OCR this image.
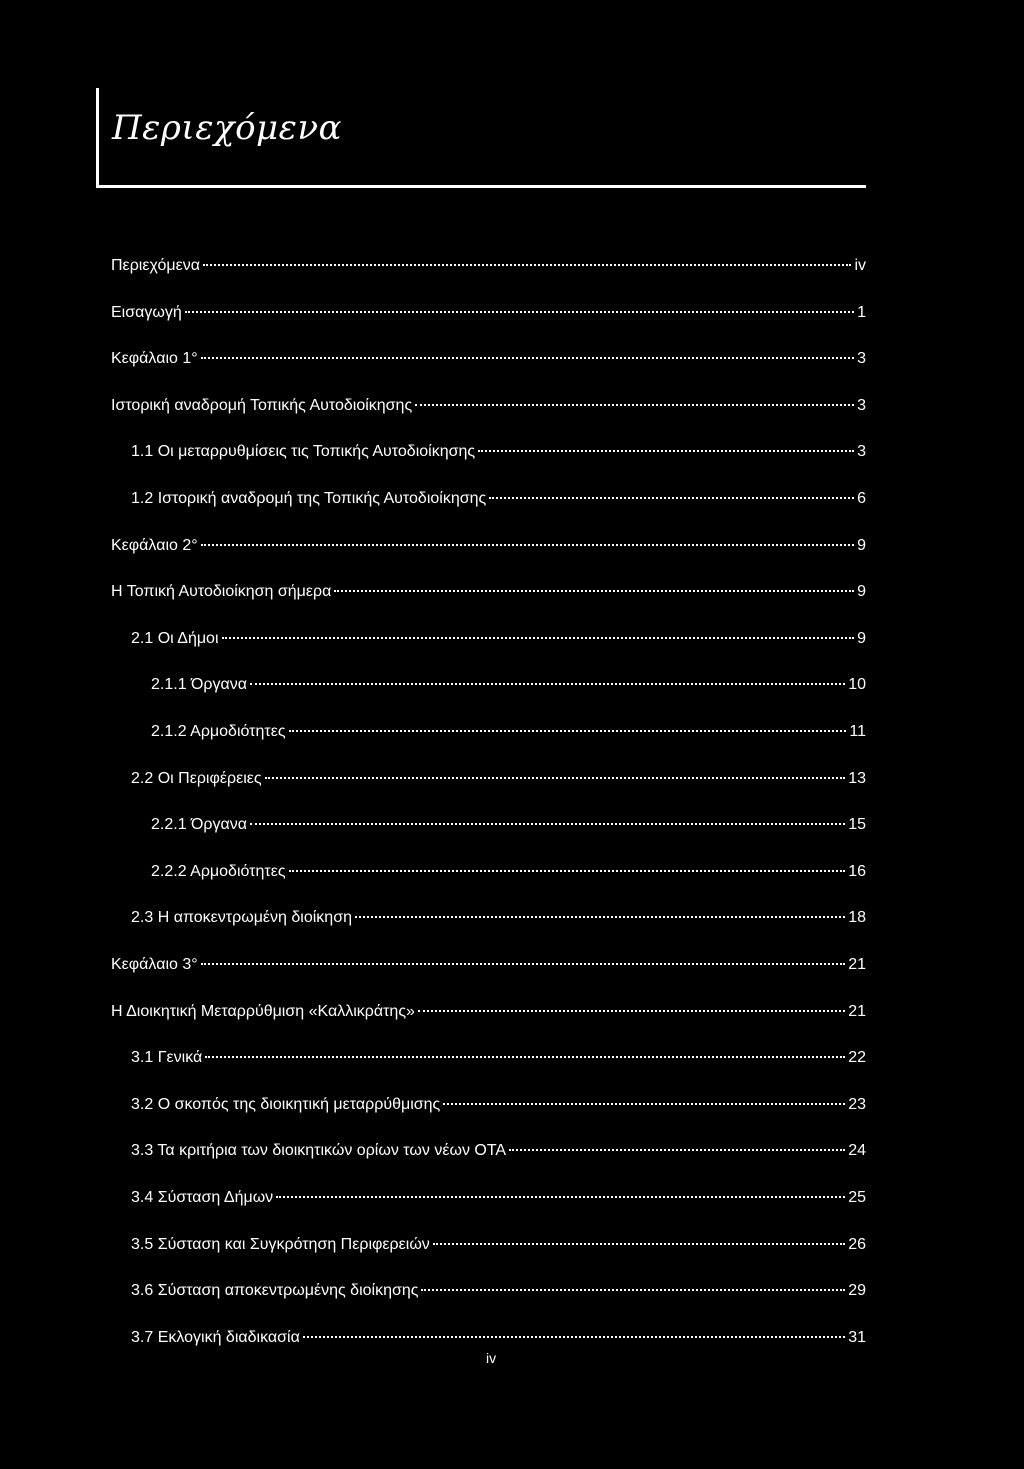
Περιεχόμενα
Περιεχόμενα	iv
Εισαγωγή	1
Κεφάλαιο 1°	3
Ιστορική αναδρομή Τοπικής Αυτοδιοίκησης	3
1.1 Οι μεταρρυθμίσεις τις Τοπικής Αυτοδιοίκησης	3
1.2 Ιστορική αναδρομή της Τοπικής Αυτοδιοίκησης	6
Κεφάλαιο 2°	9
Η Τοπική Αυτοδιοίκηση σήμερα	9
2.1 Οι Δήμοι	9
2.1.1 Όργανα	10
2.1.2 Αρμοδιότητες	11
2.2 Οι Περιφέρειες	13
2.2.1 Όργανα	15
2.2.2 Αρμοδιότητες	16
2.3 Η αποκεντρωμένη διοίκηση	18
Κεφάλαιο 3°	21
Η Διοικητική Μεταρρύθμιση «Καλλικράτης»	21
3.1 Γενικά	22
3.2 Ο σκοπός της διοικητική μεταρρύθμισης	23
3.3 Τα κριτήρια των διοικητικών ορίων των νέων ΟΤΑ	24
3.4 Σύσταση Δήμων	25
3.5 Σύσταση και Συγκρότηση Περιφερειών	26
3.6 Σύσταση αποκεντρωμένης διοίκησης	29
3.7 Εκλογική διαδικασία	31
iv
